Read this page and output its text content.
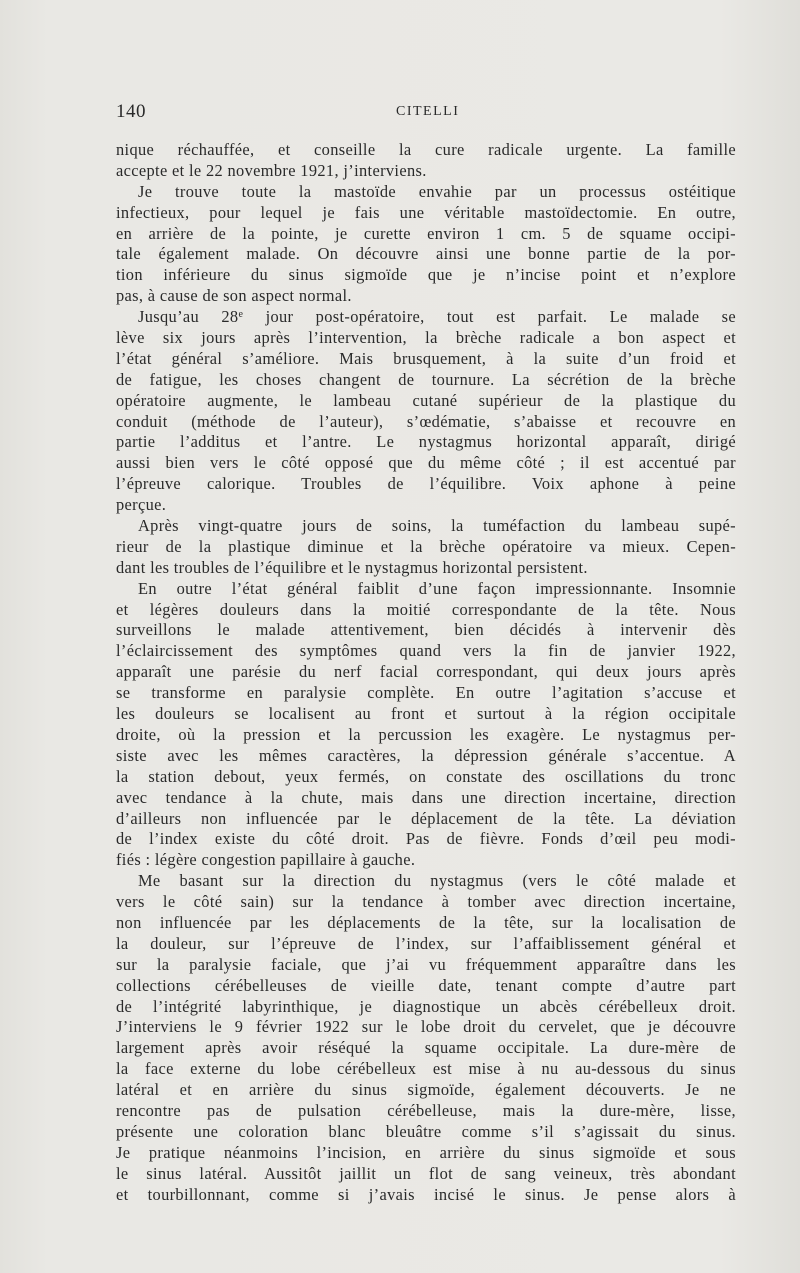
140	CITELLI
nique réchauffée, et conseille la cure radicale urgente. La famille
accepte et le 22 novembre 1921, j’interviens.
Je trouve toute la mastoïde envahie par un processus ostéitique
infectieux, pour lequel je fais une véritable mastoïdectomie. En outre,
en arrière de la pointe, je curette environ 1 cm. 5 de squame occipi-
tale également malade. On découvre ainsi une bonne partie de la por-
tion inférieure du sinus sigmoïde que je n’incise point et n’explore
pas, à cause de son aspect normal.
Jusqu’au 28e jour post-opératoire, tout est parfait. Le malade se
lève six jours après l’intervention, la brèche radicale a bon aspect et
l’état général s’améliore. Mais brusquement, à la suite d’un froid et
de fatigue, les choses changent de tournure. La sécrétion de la brèche
opératoire augmente, le lambeau cutané supérieur de la plastique du
conduit (méthode de l’auteur), s’œdématie, s’abaisse et recouvre en
partie l’additus et l’antre. Le nystagmus horizontal apparaît, dirigé
aussi bien vers le côté opposé que du même côté ; il est accentué par
l’épreuve calorique. Troubles de l’équilibre. Voix aphone à peine
perçue.
Après vingt-quatre jours de soins, la tuméfaction du lambeau supé-
rieur de la plastique diminue et la brèche opératoire va mieux. Cepen-
dant les troubles de l’équilibre et le nystagmus horizontal persistent.
En outre l’état général faiblit d’une façon impressionnante. Insomnie
et légères douleurs dans la moitié correspondante de la tête. Nous
surveillons le malade attentivement, bien décidés à intervenir dès
l’éclaircissement des symptômes quand vers la fin de janvier 1922,
apparaît une parésie du nerf facial correspondant, qui deux jours après
se transforme en paralysie complète. En outre l’agitation s’accuse et
les douleurs se localisent au front et surtout à la région occipitale
droite, où la pression et la percussion les exagère. Le nystagmus per-
siste avec les mêmes caractères, la dépression générale s’accentue. A
la station debout, yeux fermés, on constate des oscillations du tronc
avec tendance à la chute, mais dans une direction incertaine, direction
d’ailleurs non influencée par le déplacement de la tête. La déviation
de l’index existe du côté droit. Pas de fièvre. Fonds d’œil peu modi-
fiés : légère congestion papillaire à gauche.
Me basant sur la direction du nystagmus (vers le côté malade et
vers le côté sain) sur la tendance à tomber avec direction incertaine,
non influencée par les déplacements de la tête, sur la localisation de
la douleur, sur l’épreuve de l’index, sur l’affaiblissement général et
sur la paralysie faciale, que j’ai vu fréquemment apparaître dans les
collections cérébelleuses de vieille date, tenant compte d’autre part
de l’intégrité labyrinthique, je diagnostique un abcès cérébelleux droit.
J’interviens le 9 février 1922 sur le lobe droit du cervelet, que je découvre
largement après avoir réséqué la squame occipitale. La dure-mère de
la face externe du lobe cérébelleux est mise à nu au-dessous du sinus
latéral et en arrière du sinus sigmoïde, également découverts. Je ne
rencontre pas de pulsation cérébelleuse, mais la dure-mère, lisse,
présente une coloration blanc bleuâtre comme s’il s’agissait du sinus.
Je pratique néanmoins l’incision, en arrière du sinus sigmoïde et sous
le sinus latéral. Aussitôt jaillit un flot de sang veineux, très abondant
et tourbillonnant, comme si j’avais incisé le sinus. Je pense alors à
